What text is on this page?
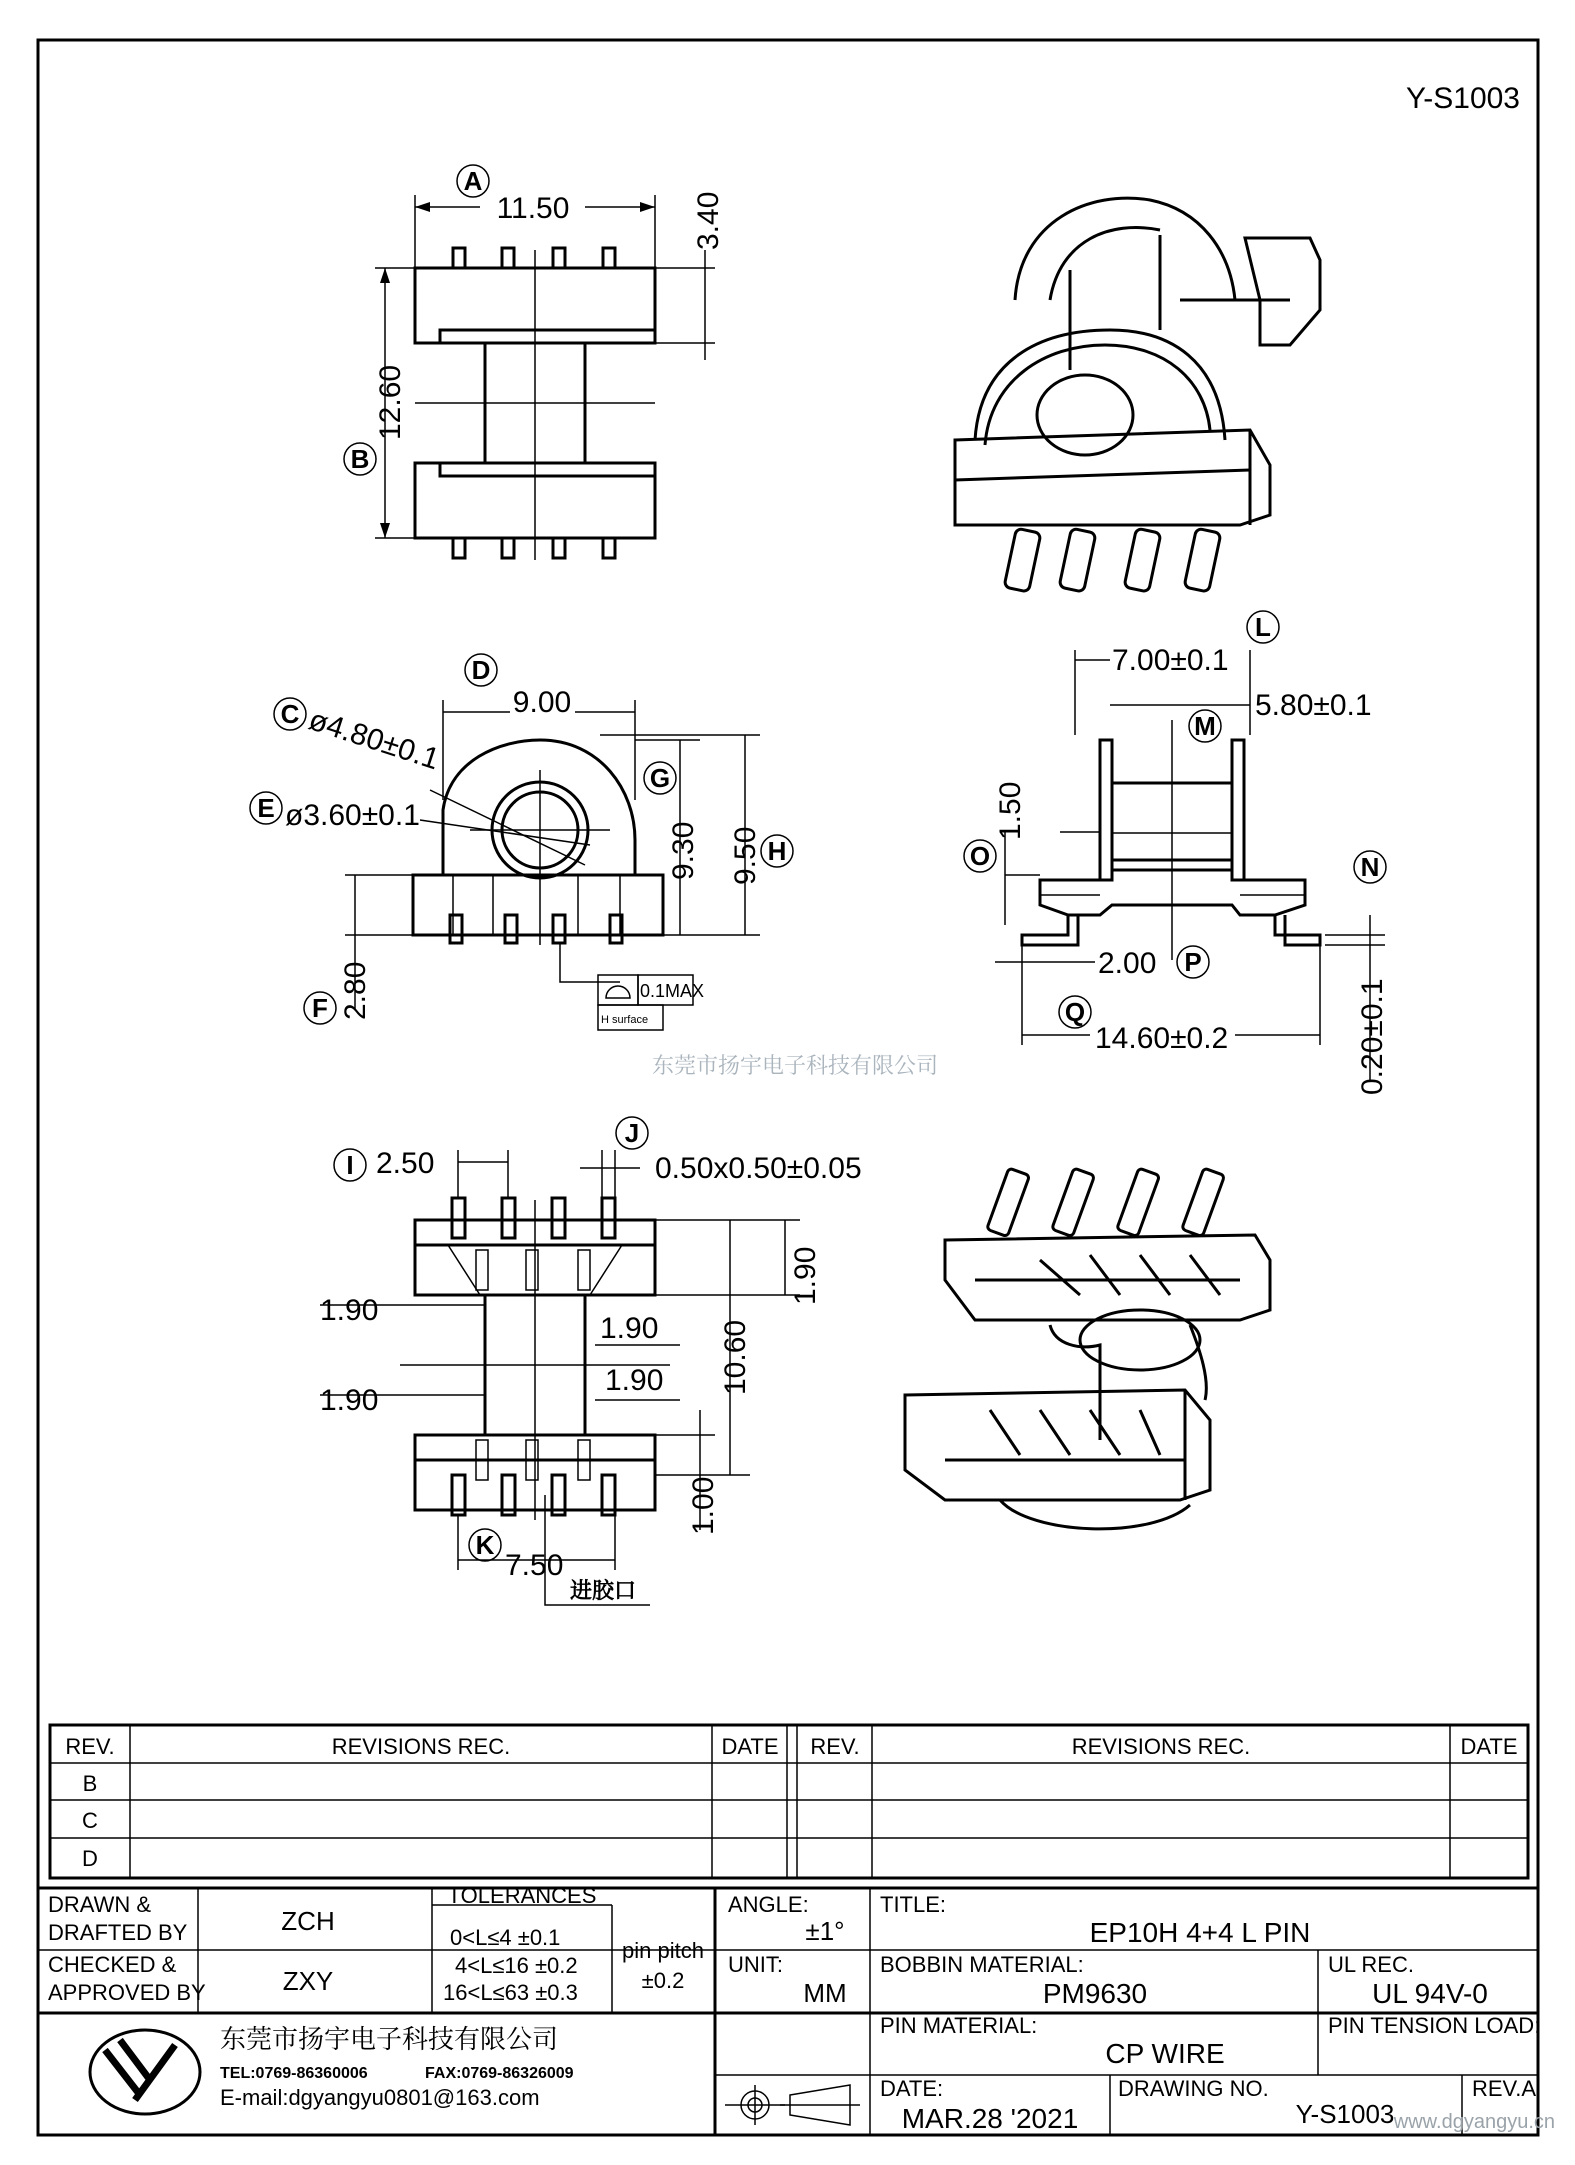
Y-S1003
11.50
A
3.40
12.60
B
9.00
D
C ø4.80±0.1
E ø3.60±0.1
2.80
F
9.30
G
9.50 H
0.1MAX
H surface
东莞市扬宇电子科技有限公司
7.00±0.1
L
5.80±0.1
M
1.50
O
0.20±0.1
N
2.00 P
14.60±0.2
Q
2.50
I	0.50x0.50±0.05
J
1.90
1.90
1.90
1.90
1.90
10.60
1.00
7.50
K
进胶口
REV.	REVISIONS REC.	DATE REV.	REVISIONS REC.	DATE
B
C
D
DRAWN &
DRAFTED BY	ZCH
CHECKED &
APPROVED BY	ZXY
TOLERANCES
0<L≤4 ±0.1
4<L≤16 ±0.2
16<L≤63 ±0.3
pin pitch
±0.2
ANGLE:
±1°
UNIT:
MM
TITLE:
EP10H 4+4 L PIN
BOBBIN MATERIAL:
PM9630
UL REC.
UL 94V-0
PIN MATERIAL:
CP WIRE
PIN TENSION LOAD:
DATE:
MAR.28 '2021
DRAWING NO.
Y-S1003
REV.A
东莞市扬宇电子科技有限公司
TEL:0769-86360006	FAX:0769-86326009
E-mail:dgyangyu0801@163.com
www.dgyangyu.cn
